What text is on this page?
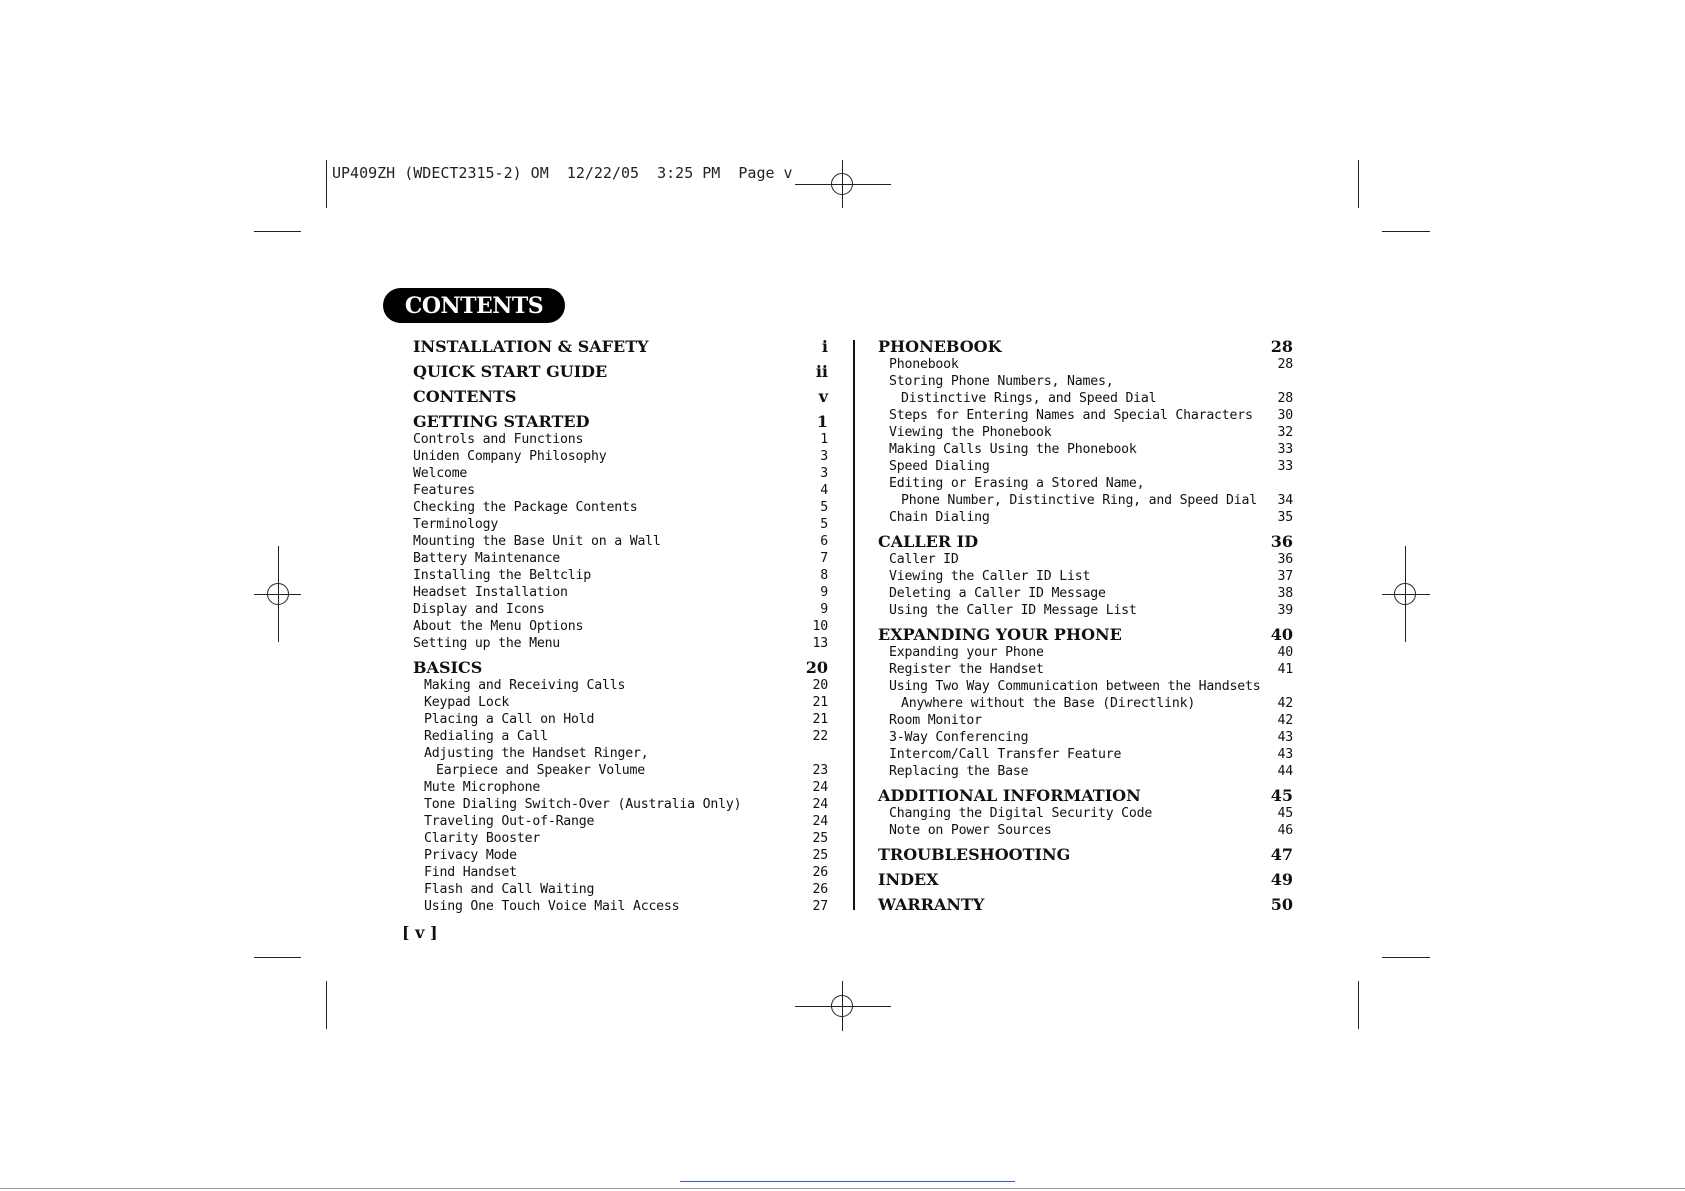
UP409ZH (WDECT2315-2) OM  12/22/05  3:25 PM  Page v
CONTENTS
INSTALLATION & SAFETY	i
QUICK START GUIDE	ii
CONTENTS	v
GETTING STARTED	1
Controls and Functions	1
Uniden Company Philosophy	3
Welcome	3
Features	4
Checking the Package Contents	5
Terminology	5
Mounting the Base Unit on a Wall	6
Battery Maintenance	7
Installing the Beltclip	8
Headset Installation	9
Display and Icons	9
About the Menu Options	10
Setting up the Menu	13
BASICS	20
Making and Receiving Calls	20
Keypad Lock	21
Placing a Call on Hold	21
Redialing a Call	22
Adjusting the Handset Ringer,
Earpiece and Speaker Volume	23
Mute Microphone	24
Tone Dialing Switch-Over (Australia Only)	24
Traveling Out-of-Range	24
Clarity Booster	25
Privacy Mode	25
Find Handset	26
Flash and Call Waiting	26
Using One Touch Voice Mail Access	27
PHONEBOOK	28
Phonebook	28
Storing Phone Numbers, Names,
Distinctive Rings, and Speed Dial	28
Steps for Entering Names and Special Characters	30
Viewing the Phonebook	32
Making Calls Using the Phonebook	33
Speed Dialing	33
Editing or Erasing a Stored Name,
Phone Number, Distinctive Ring, and Speed Dial	34
Chain Dialing	35
CALLER ID	36
Caller ID	36
Viewing the Caller ID List	37
Deleting a Caller ID Message	38
Using the Caller ID Message List	39
EXPANDING YOUR PHONE	40
Expanding your Phone	40
Register the Handset	41
Using Two Way Communication between the Handsets
Anywhere without the Base (Directlink)	42
Room Monitor	42
3-Way Conferencing	43
Intercom/Call Transfer Feature	43
Replacing the Base	44
ADDITIONAL INFORMATION	45
Changing the Digital Security Code	45
Note on Power Sources	46
TROUBLESHOOTING	47
INDEX	49
WARRANTY	50
[ v ]
